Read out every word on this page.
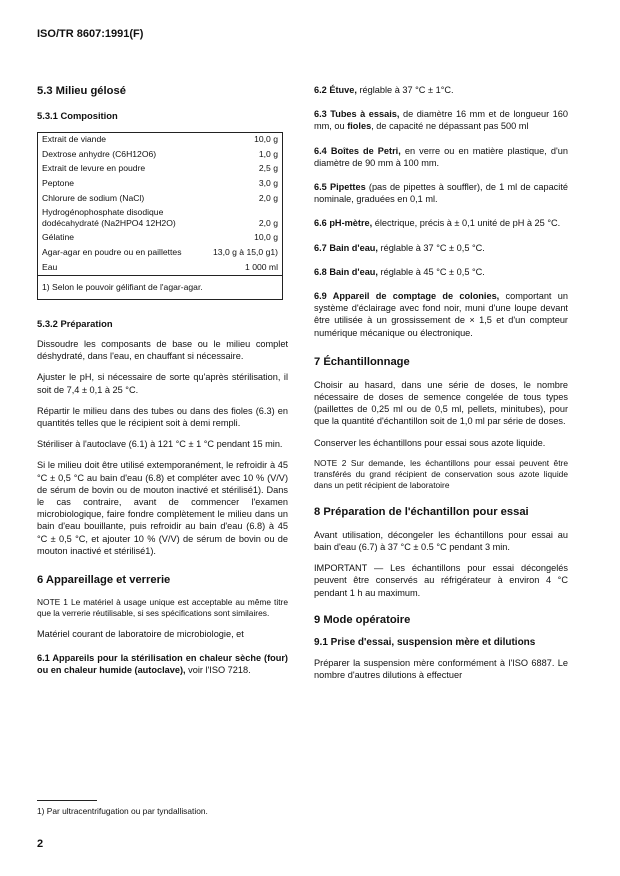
ISO/TR 8607:1991(F)
5.3 Milieu gélosé
5.3.1 Composition
Extrait de viande	10,0 g
Dextrose anhydre (C6H12O6)	1,0 g
Extrait de levure en poudre	2,5 g
Peptone	3,0 g
Chlorure de sodium (NaCl)	2,0 g
Hydrogénophosphate disodique dodécahydraté (Na2HPO4 12H2O)	2,0 g
Gélatine	10,0 g
Agar-agar en poudre ou en paillettes	13,0 g à 15,0 g1)
Eau	1 000 ml
1) Selon le pouvoir gélifiant de l'agar-agar.	
5.3.2 Préparation

Dissoudre les composants de base ou le milieu complet déshydraté, dans l'eau, en chauffant si nécessaire.

Ajuster le pH, si nécessaire de sorte qu'après stérilisation, il soit de 7,4 ± 0,1 à 25 °C.

Répartir le milieu dans des tubes ou dans des fioles (6.3) en quantités telles que le récipient soit à demi rempli.

Stériliser à l'autoclave (6.1) à 121 °C ± 1 °C pendant 15 min.

Si le milieu doit être utilisé extemporanément, le refroidir à 45 °C ± 0,5 °C au bain d'eau (6.8) et compléter avec 10 % (V/V) de sérum de bovin ou de mouton inactivé et stérilisé1). Dans le cas contraire, avant de commencer l'examen microbiologique, faire fondre complètement le milieu dans un bain d'eau bouillante, puis refroidir au bain d'eau (6.8) à 45 °C ± 0,5 °C, et ajouter 10 % (V/V) de sérum de bovin ou de mouton inactivé et stérilisé1).

6 Appareillage et verrerie

NOTE 1 Le matériel à usage unique est acceptable au même titre que la verrerie réutilisable, si ses spécifications sont similaires.

Matériel courant de laboratoire de microbiologie, et

6.1 Appareils pour la stérilisation en chaleur sèche (four) ou en chaleur humide (autoclave), voir l'ISO 7218.

1) Par ultracentrifugation ou par tyndallisation.

6.2 Étuve, réglable à 37 °C ± 1°C.

6.3 Tubes à essais, de diamètre 16 mm et de longueur 160 mm, ou fioles, de capacité ne dépassant pas 500 ml

6.4 Boîtes de Petri, en verre ou en matière plastique, d'un diamètre de 90 mm à 100 mm.

6.5 Pipettes (pas de pipettes à souffler), de 1 ml de capacité nominale, graduées en 0,1 ml.

6.6 pH-mètre, électrique, précis à ± 0,1 unité de pH à 25 °C.

6.7 Bain d'eau, réglable à 37 °C ± 0,5 °C.

6.8 Bain d'eau, réglable à 45 °C ± 0,5 °C.

6.9 Appareil de comptage de colonies, comportant un système d'éclairage avec fond noir, muni d'une loupe devant être utilisée à un grossissement de × 1,5 et d'un compteur numérique mécanique ou électronique.

7 Échantillonnage

Choisir au hasard, dans une série de doses, le nombre nécessaire de doses de semence congelée de tous types (paillettes de 0,25 ml ou de 0,5 ml, pellets, minitubes), pour que la quantité d'échantillon soit de 1,0 ml par série de doses.

Conserver les échantillons pour essai sous azote liquide.

NOTE 2 Sur demande, les échantillons pour essai peuvent être transférés du grand récipient de conservation sous azote liquide dans un petit récipient de laboratoire

8 Préparation de l'échantillon pour essai

Avant utilisation, décongeler les échantillons pour essai au bain d'eau (6.7) à 37 °C ± 0.5 °C pendant 3 min.

IMPORTANT — Les échantillons pour essai décongelés peuvent être conservés au réfrigérateur à environ 4 °C pendant 1 h au maximum.

9 Mode opératoire
9.1 Prise d'essai, suspension mère et dilutions

Préparer la suspension mère conformément à l'ISO 6887. Le nombre d'autres dilutions à effectuer

2
